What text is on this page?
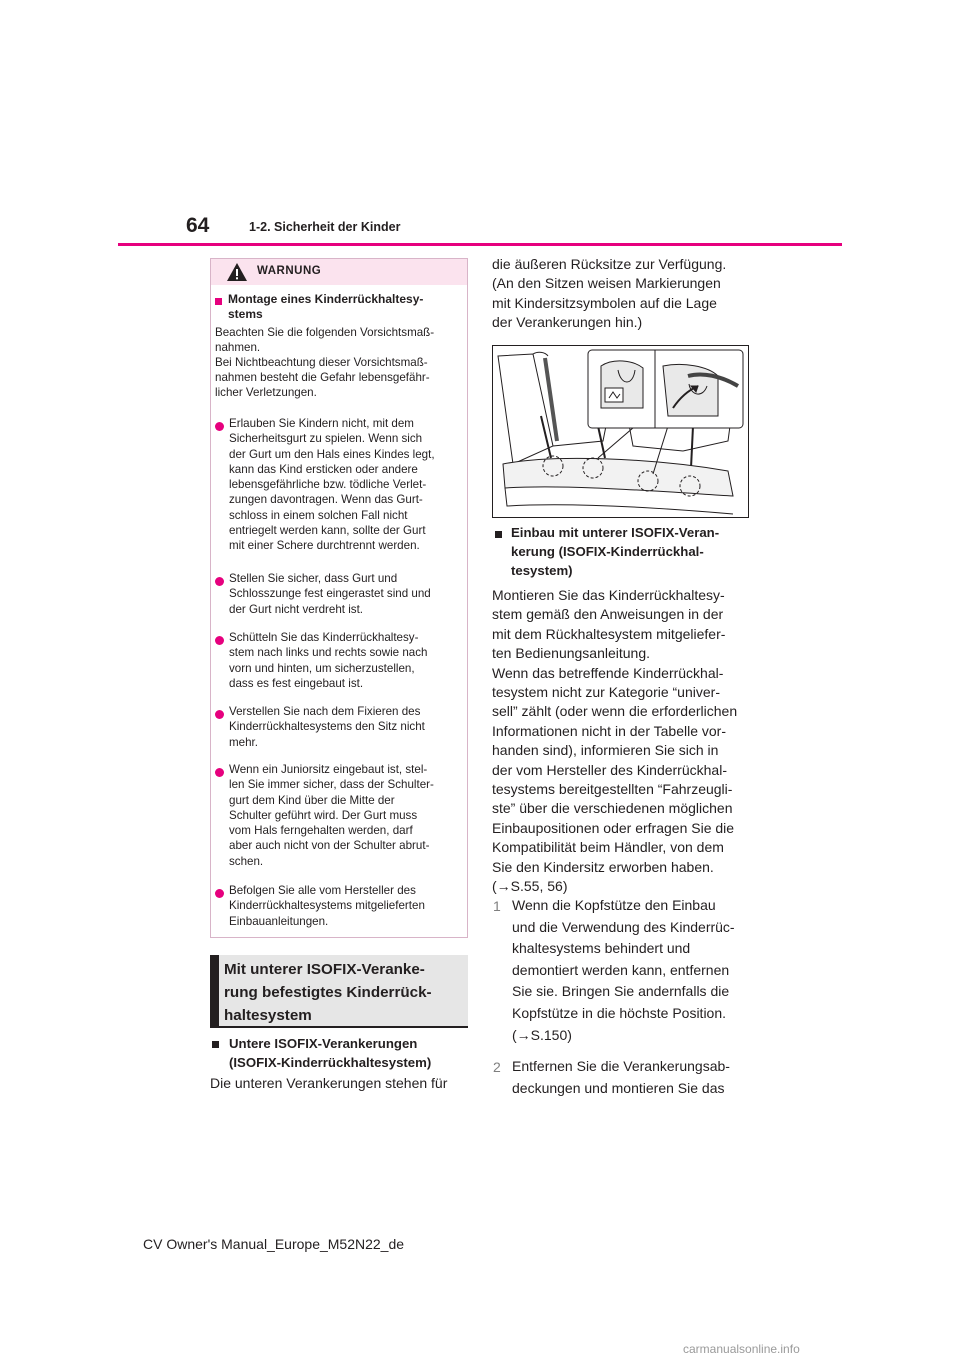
64	1-2. Sicherheit der Kinder
WARNUNG
Montage eines Kinderrückhaltesy-
stems
Beachten Sie die folgenden Vorsichtsmaß-
nahmen.
Bei Nichtbeachtung dieser Vorsichtsmaß-
nahmen besteht die Gefahr lebensgefähr-
licher Verletzungen.
Erlauben Sie Kindern nicht, mit dem
Sicherheitsgurt zu spielen. Wenn sich
der Gurt um den Hals eines Kindes legt,
kann das Kind ersticken oder andere
lebensgefährliche bzw. tödliche Verlet-
zungen davontragen. Wenn das Gurt-
schloss in einem solchen Fall nicht
entriegelt werden kann, sollte der Gurt
mit einer Schere durchtrennt werden.
Stellen Sie sicher, dass Gurt und
Schlosszunge fest eingerastet sind und
der Gurt nicht verdreht ist.
Schütteln Sie das Kinderrückhaltesy-
stem nach links und rechts sowie nach
vorn und hinten, um sicherzustellen,
dass es fest eingebaut ist.
Verstellen Sie nach dem Fixieren des
Kinderrückhaltesystems den Sitz nicht
mehr.
Wenn ein Juniorsitz eingebaut ist, stel-
len Sie immer sicher, dass der Schulter-
gurt dem Kind über die Mitte der
Schulter geführt wird. Der Gurt muss
vom Hals ferngehalten werden, darf
aber auch nicht von der Schulter abrut-
schen.
Befolgen Sie alle vom Hersteller des
Kinderrückhaltesystems mitgelieferten
Einbauanleitungen.
Mit unterer ISOFIX-Veranke-
rung befestigtes Kinderrück-
haltesystem
Untere ISOFIX-Verankerungen
(ISOFIX-Kinderrückhaltesystem)
Die unteren Verankerungen stehen für
die äußeren Rücksitze zur Verfügung.
(An den Sitzen weisen Markierungen
mit Kindersitzsymbolen auf die Lage
der Verankerungen hin.)
Einbau mit unterer ISOFIX-Veran-
kerung (ISOFIX-Kinderrückhal-
tesystem)
Montieren Sie das Kinderrückhaltesy-
stem gemäß den Anweisungen in der
mit dem Rückhaltesystem mitgeliefer-
ten Bedienungsanleitung.
Wenn das betreffende Kinderrückhal-
tesystem nicht zur Kategorie “univer-
sell” zählt (oder wenn die erforderlichen
Informationen nicht in der Tabelle vor-
handen sind), informieren Sie sich in
der vom Hersteller des Kinderrückhal-
tesystems bereitgestellten “Fahrzeugli-
ste” über die verschiedenen möglichen
Einbaupositionen oder erfragen Sie die
Kompatibilität beim Händler, von dem
Sie den Kindersitz erworben haben.
(→S.55, 56)
1 Wenn die Kopfstütze den Einbau
und die Verwendung des Kinderrüc-
khaltesystems behindert und
demontiert werden kann, entfernen
Sie sie. Bringen Sie andernfalls die
Kopfstütze in die höchste Position.
(→S.150)
2 Entfernen Sie die Verankerungsab-
deckungen und montieren Sie das
CV Owner's Manual_Europe_M52N22_de
carmanualsonline.info
